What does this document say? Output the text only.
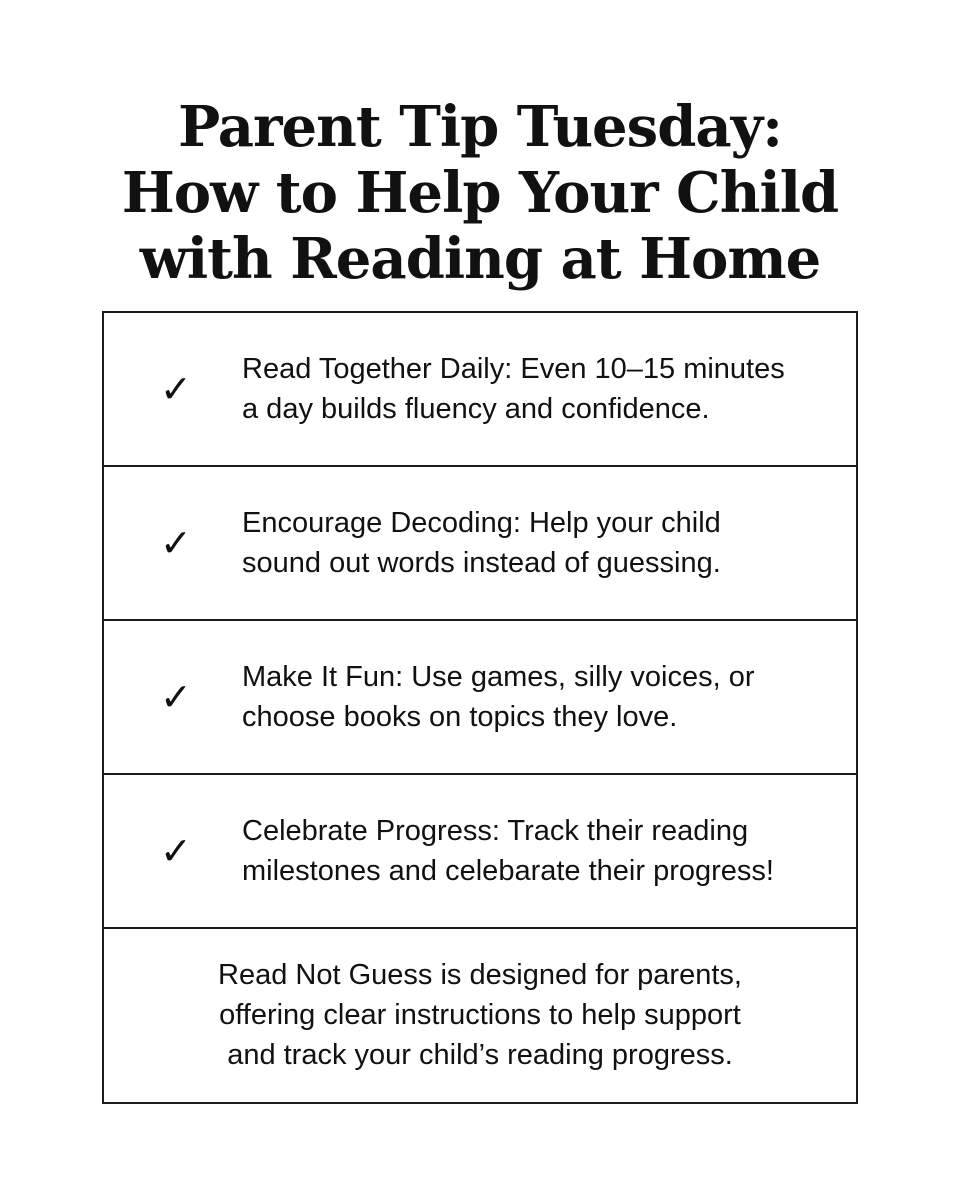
Parent Tip Tuesday:
How to Help Your Child
with Reading at Home
✓ Read Together Daily: Even 10–15 minutes
a day builds fluency and confidence.
✓ Encourage Decoding: Help your child
sound out words instead of guessing.
✓ Make It Fun: Use games, silly voices, or
choose books on topics they love.
✓ Celebrate Progress: Track their reading
milestones and celebarate their progress!
Read Not Guess is designed for parents,
offering clear instructions to help support
and track your child’s reading progress.
